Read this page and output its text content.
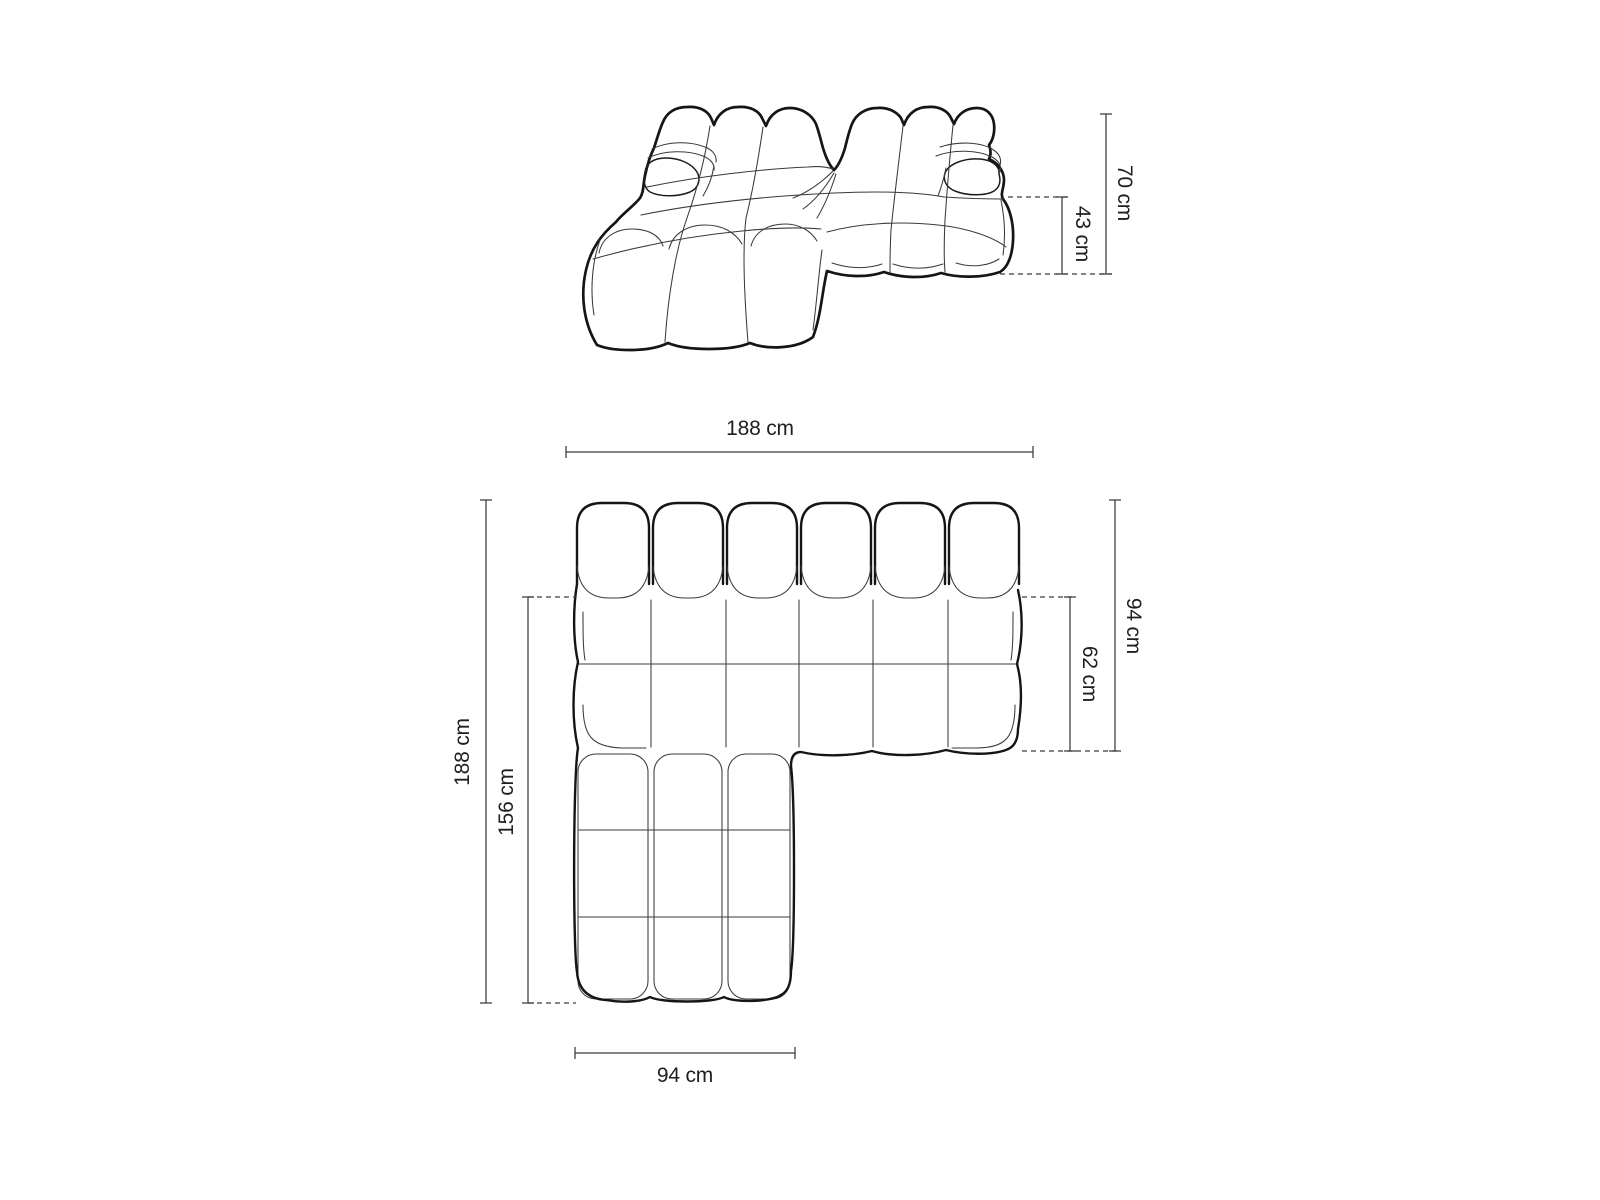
70 cm
43 cm
188 cm
94 cm
62 cm
188 cm
156 cm
94 cm
